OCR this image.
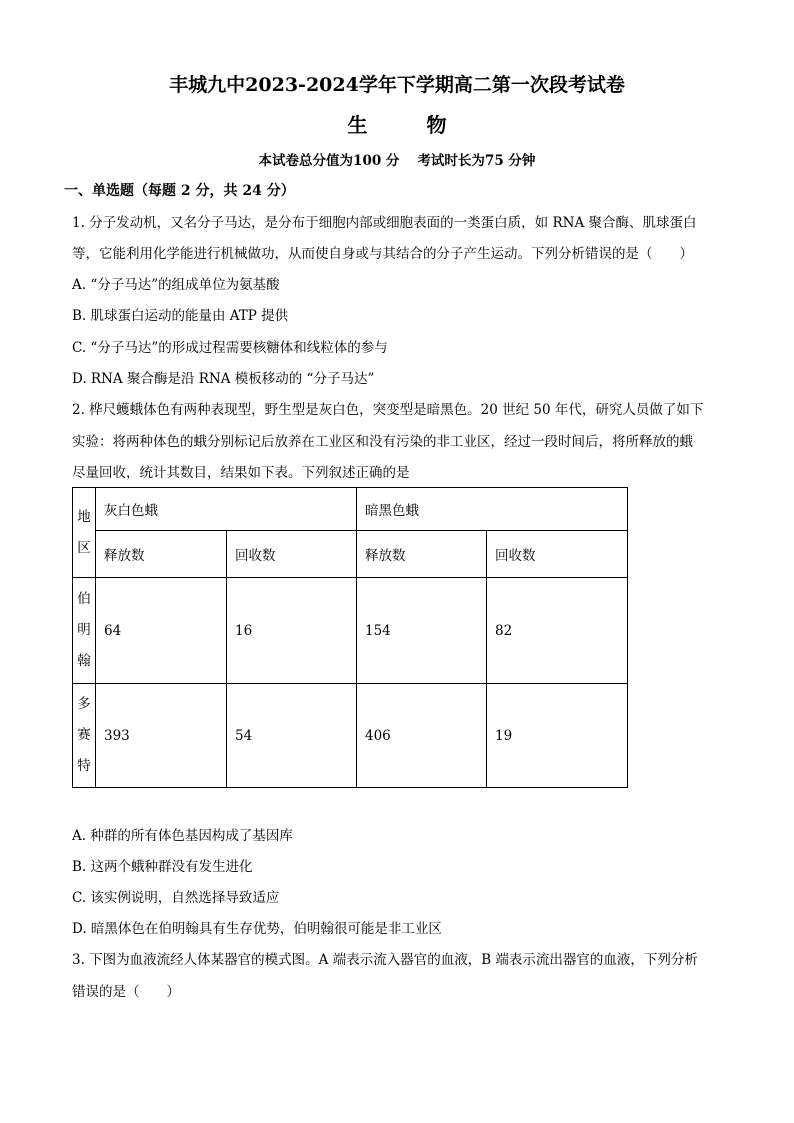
丰城九中2023-2024学年下学期高二第一次段考试卷
生 物
本试卷总分值为100 分 考试时长为75 分钟
一、单选题（每题 2 分，共 24 分）
1. 分子发动机，又名分子马达，是分布于细胞内部或细胞表面的一类蛋白质，如 RNA 聚合酶、肌球蛋白
等，它能利用化学能进行机械做功，从而使自身或与其结合的分子产生运动。下列分析错误的是（　　）
A. “分子马达”的组成单位为氨基酸
B. 肌球蛋白运动的能量由 ATP 提供
C. “分子马达”的形成过程需要核糖体和线粒体的参与
D. RNA 聚合酶是沿 RNA 模板移动的 “分子马达”
2. 桦尺蠖蛾体色有两种表现型，野生型是灰白色，突变型是暗黑色。20 世纪 50 年代，研究人员做了如下
实验：将两种体色的蛾分别标记后放养在工业区和没有污染的非工业区，经过一段时间后，将所释放的蛾
尽量回收，统计其数目，结果如下表。下列叙述正确的是
地区	灰白色蛾		暗黑色蛾	
	释放数	回收数	释放数	回收数
伯明翰	64	16	154	82
多赛特	393	54	406	19
A. 种群的所有体色基因构成了基因库
B. 这两个蛾种群没有发生进化
C. 该实例说明，自然选择导致适应
D. 暗黑体色在伯明翰具有生存优势，伯明翰很可能是非工业区
3. 下图为血液流经人体某器官的模式图。A 端表示流入器官的血液，B 端表示流出器官的血液，下列分析
错误的是（　　）
